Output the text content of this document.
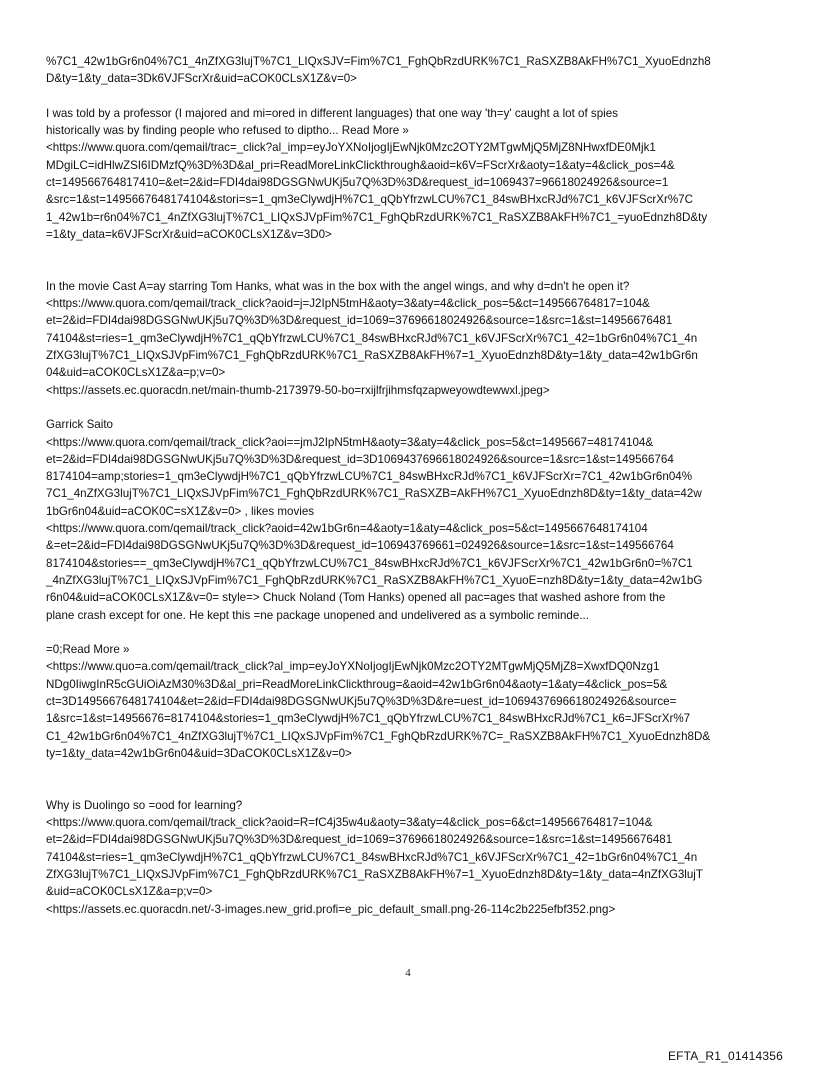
%7C1_42w1bGr6n04%7C1_4nZfXG3lujT%7C1_LIQxSJV=Fim%7C1_FghQbRzdURK%7C1_RaSXZB8AkFH%7C1_XyuoEdnzh8
D&ty=1&ty_data=3Dk6VJFScrXr&uid=aCOK0CLsX1Z&v=0>
I was told by a professor (I majored and mi=ored in different languages) that one way 'th=y' caught a lot of spies
historically was by finding people who refused to diptho... Read More »
<https://www.quora.com/qemail/trac=_click?al_imp=eyJoYXNoIjogIjEwNjk0Mzc2OTY2MTgwMjQ5MjZ8NHwxfDE0Mjk1
MDgiLC=idHlwZSI6IDMzfQ%3D%3D&al_pri=ReadMoreLinkClickthrough&aoid=k6V=FScrXr&aoty=1&aty=4&click_pos=4&
ct=149566764817410=&et=2&id=FDI4dai98DGSGNwUKj5u7Q%3D%3D&request_id=1069437=96618024926&source=1
&src=1&st=1495667648174104&stori=s=1_qm3eClywdjH%7C1_qQbYfrzwLCU%7C1_84swBHxcRJd%7C1_k6VJFScrXr%7C
1_42w1b=r6n04%7C1_4nZfXG3lujT%7C1_LIQxSJVpFim%7C1_FghQbRzdURK%7C1_RaSXZB8AkFH%7C1_=yuoEdnzh8D&ty
=1&ty_data=k6VJFScrXr&uid=aCOK0CLsX1Z&v=3D0>
In the movie Cast A=ay starring Tom Hanks, what was in the box with the angel wings, and why d=dn't he open it?
<https://www.quora.com/qemail/track_click?aoid=j=J2IpN5tmH&aoty=3&aty=4&click_pos=5&ct=149566764817=104&
et=2&id=FDI4dai98DGSGNwUKj5u7Q%3D%3D&request_id=1069=37696618024926&source=1&src=1&st=14956676481
74104&st=ries=1_qm3eClywdjH%7C1_qQbYfrzwLCU%7C1_84swBHxcRJd%7C1_k6VJFScrXr%7C1_42=1bGr6n04%7C1_4n
ZfXG3lujT%7C1_LIQxSJVpFim%7C1_FghQbRzdURK%7C1_RaSXZB8AkFH%7=1_XyuoEdnzh8D&ty=1&ty_data=42w1bGr6n
04&uid=aCOK0CLsX1Z&a=p;v=0>
<https://assets.ec.quoracdn.net/main-thumb-2173979-50-bo=rxijlfrjihmsfqzapweyowdtewwxl.jpeg>
Garrick Saito
<https://www.quora.com/qemail/track_click?aoi==jmJ2IpN5tmH&aoty=3&aty=4&click_pos=5&ct=1495667=48174104&
et=2&id=FDI4dai98DGSGNwUKj5u7Q%3D%3D&request_id=3D1069437696618024926&source=1&src=1&st=149566764
8174104=amp;stories=1_qm3eClywdjH%7C1_qQbYfrzwLCU%7C1_84swBHxcRJd%7C1_k6VJFScrXr=7C1_42w1bGr6n04%
7C1_4nZfXG3lujT%7C1_LIQxSJVpFim%7C1_FghQbRzdURK%7C1_RaSXZB=AkFH%7C1_XyuoEdnzh8D&ty=1&ty_data=42w
1bGr6n04&uid=aCOK0C=sX1Z&v=0> , likes movies
<https://www.quora.com/qemail/track_click?aoid=42w1bGr6n=4&aoty=1&aty=4&click_pos=5&ct=1495667648174104
&=et=2&id=FDI4dai98DGSGNwUKj5u7Q%3D%3D&request_id=106943769661=024926&source=1&src=1&st=149566764
8174104&stories==_qm3eClywdjH%7C1_qQbYfrzwLCU%7C1_84swBHxcRJd%7C1_k6VJFScrXr%7C1_42w1bGr6n0=%7C1
_4nZfXG3lujT%7C1_LIQxSJVpFim%7C1_FghQbRzdURK%7C1_RaSXZB8AkFH%7C1_XyuoE=nzh8D&ty=1&ty_data=42w1bG
r6n04&uid=aCOK0CLsX1Z&v=0= style=> Chuck Noland (Tom Hanks) opened all pac=ages that washed ashore from the
plane crash except for one. He kept this =ne package unopened and undelivered as a symbolic reminde...
=0;Read More »
<https://www.quo=a.com/qemail/track_click?al_imp=eyJoYXNoIjogIjEwNjk0Mzc2OTY2MTgwMjQ5MjZ8=XwxfDQ0Nzg1
NDg0IiwgInR5cGUiOiAzM30%3D&al_pri=ReadMoreLinkClickthroug=&aoid=42w1bGr6n04&aoty=1&aty=4&click_pos=5&
ct=3D1495667648174104&et=2&id=FDI4dai98DGSGNwUKj5u7Q%3D%3D&re=uest_id=1069437696618024926&source=
1&src=1&st=14956676=8174104&stories=1_qm3eClywdjH%7C1_qQbYfrzwLCU%7C1_84swBHxcRJd%7C1_k6=JFScrXr%7
C1_42w1bGr6n04%7C1_4nZfXG3lujT%7C1_LIQxSJVpFim%7C1_FghQbRzdURK%7C=_RaSXZB8AkFH%7C1_XyuoEdnzh8D&
ty=1&ty_data=42w1bGr6n04&uid=3DaCOK0CLsX1Z&v=0>
Why is Duolingo so =ood for learning?
<https://www.quora.com/qemail/track_click?aoid=R=fC4j35w4u&aoty=3&aty=4&click_pos=6&ct=149566764817=104&
et=2&id=FDI4dai98DGSGNwUKj5u7Q%3D%3D&request_id=1069=37696618024926&source=1&src=1&st=14956676481
74104&st=ries=1_qm3eClywdjH%7C1_qQbYfrzwLCU%7C1_84swBHxcRJd%7C1_k6VJFScrXr%7C1_42=1bGr6n04%7C1_4n
ZfXG3lujT%7C1_LIQxSJVpFim%7C1_FghQbRzdURK%7C1_RaSXZB8AkFH%7=1_XyuoEdnzh8D&ty=1&ty_data=4nZfXG3lujT
&uid=aCOK0CLsX1Z&a=p;v=0>
<https://assets.ec.quoracdn.net/-3-images.new_grid.profi=e_pic_default_small.png-26-114c2b225efbf352.png>
4
EFTA_R1_01414356
